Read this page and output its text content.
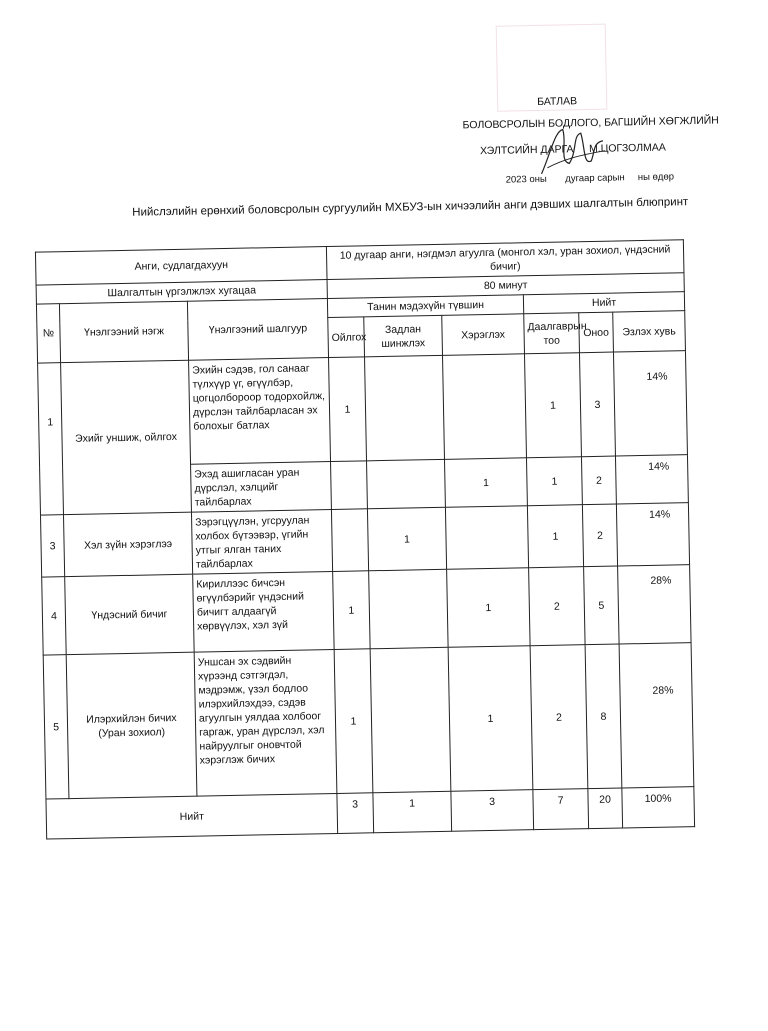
БАТЛАВ
БОЛОВСРОЛЫН БОДЛОГО, БАГШИЙН ХӨГЖЛИЙН
ХЭЛТСИЙН ДАРГА М.ЦОГЗОЛМАА
2023 оны       дугаар сарын     ны өдөр
Нийслэлийн ерөнхий боловсролын сургуулийн МХБУЗ-ын хичээлийн анги дэвших шалгалтын блюпринт
Анги, судлагдахуун			10 дугаар анги, нэгдмэл агуулга (монгол хэл, уран зохиол, үндэсний бичиг)					
Шалгалтын үргэлжлэх хугацаа			80 минут					
№	Үнэлгээний нэгж	Үнэлгээний шалгуур	Танин мэдэхүйн түвшин			Нийт		
			Ойлгох	Задлан шинжлэх	Хэрэглэх	Даалгаврын тоо	Оноо	Эзлэх хувь
1	Эхийг уншиж, ойлгох	Эхийн сэдэв, гол санааг түлхүүр үг, өгүүлбэр, цогцолбороор тодорхойлж, дүрслэн тайлбарласан эх болохыг батлах	1			1	3	14%
		Эхэд ашигласан уран дүрслэл, хэлцийг тайлбарлах			1	1	2	14%
3	Хэл зүйн хэрэглээ	Зэрэгцүүлэн, угсруулан холбох бүтээвэр, үгийн утгыг ялган таних тайлбарлах		1		1	2	14%
4	Үндэсний бичиг	Кириллээс бичсэн өгүүлбэрийг үндэсний бичигт алдаагүй хөрвүүлэх, хэл зүй	1		1	2	5	28%
5	Илэрхийлэн бичих
(Уран зохиол)	Уншсан эх сэдвийн хүрээнд сэтгэгдэл, мэдрэмж, үзэл бодлоо илэрхийлэхдээ, сэдэв агуулгын уялдаа холбоог гаргаж, уран дүрслэл, хэл найруулгыг оновчтой хэрэглэж бичих	1		1	2	8	28%
Нийт			3	1	3	7	20	100%
